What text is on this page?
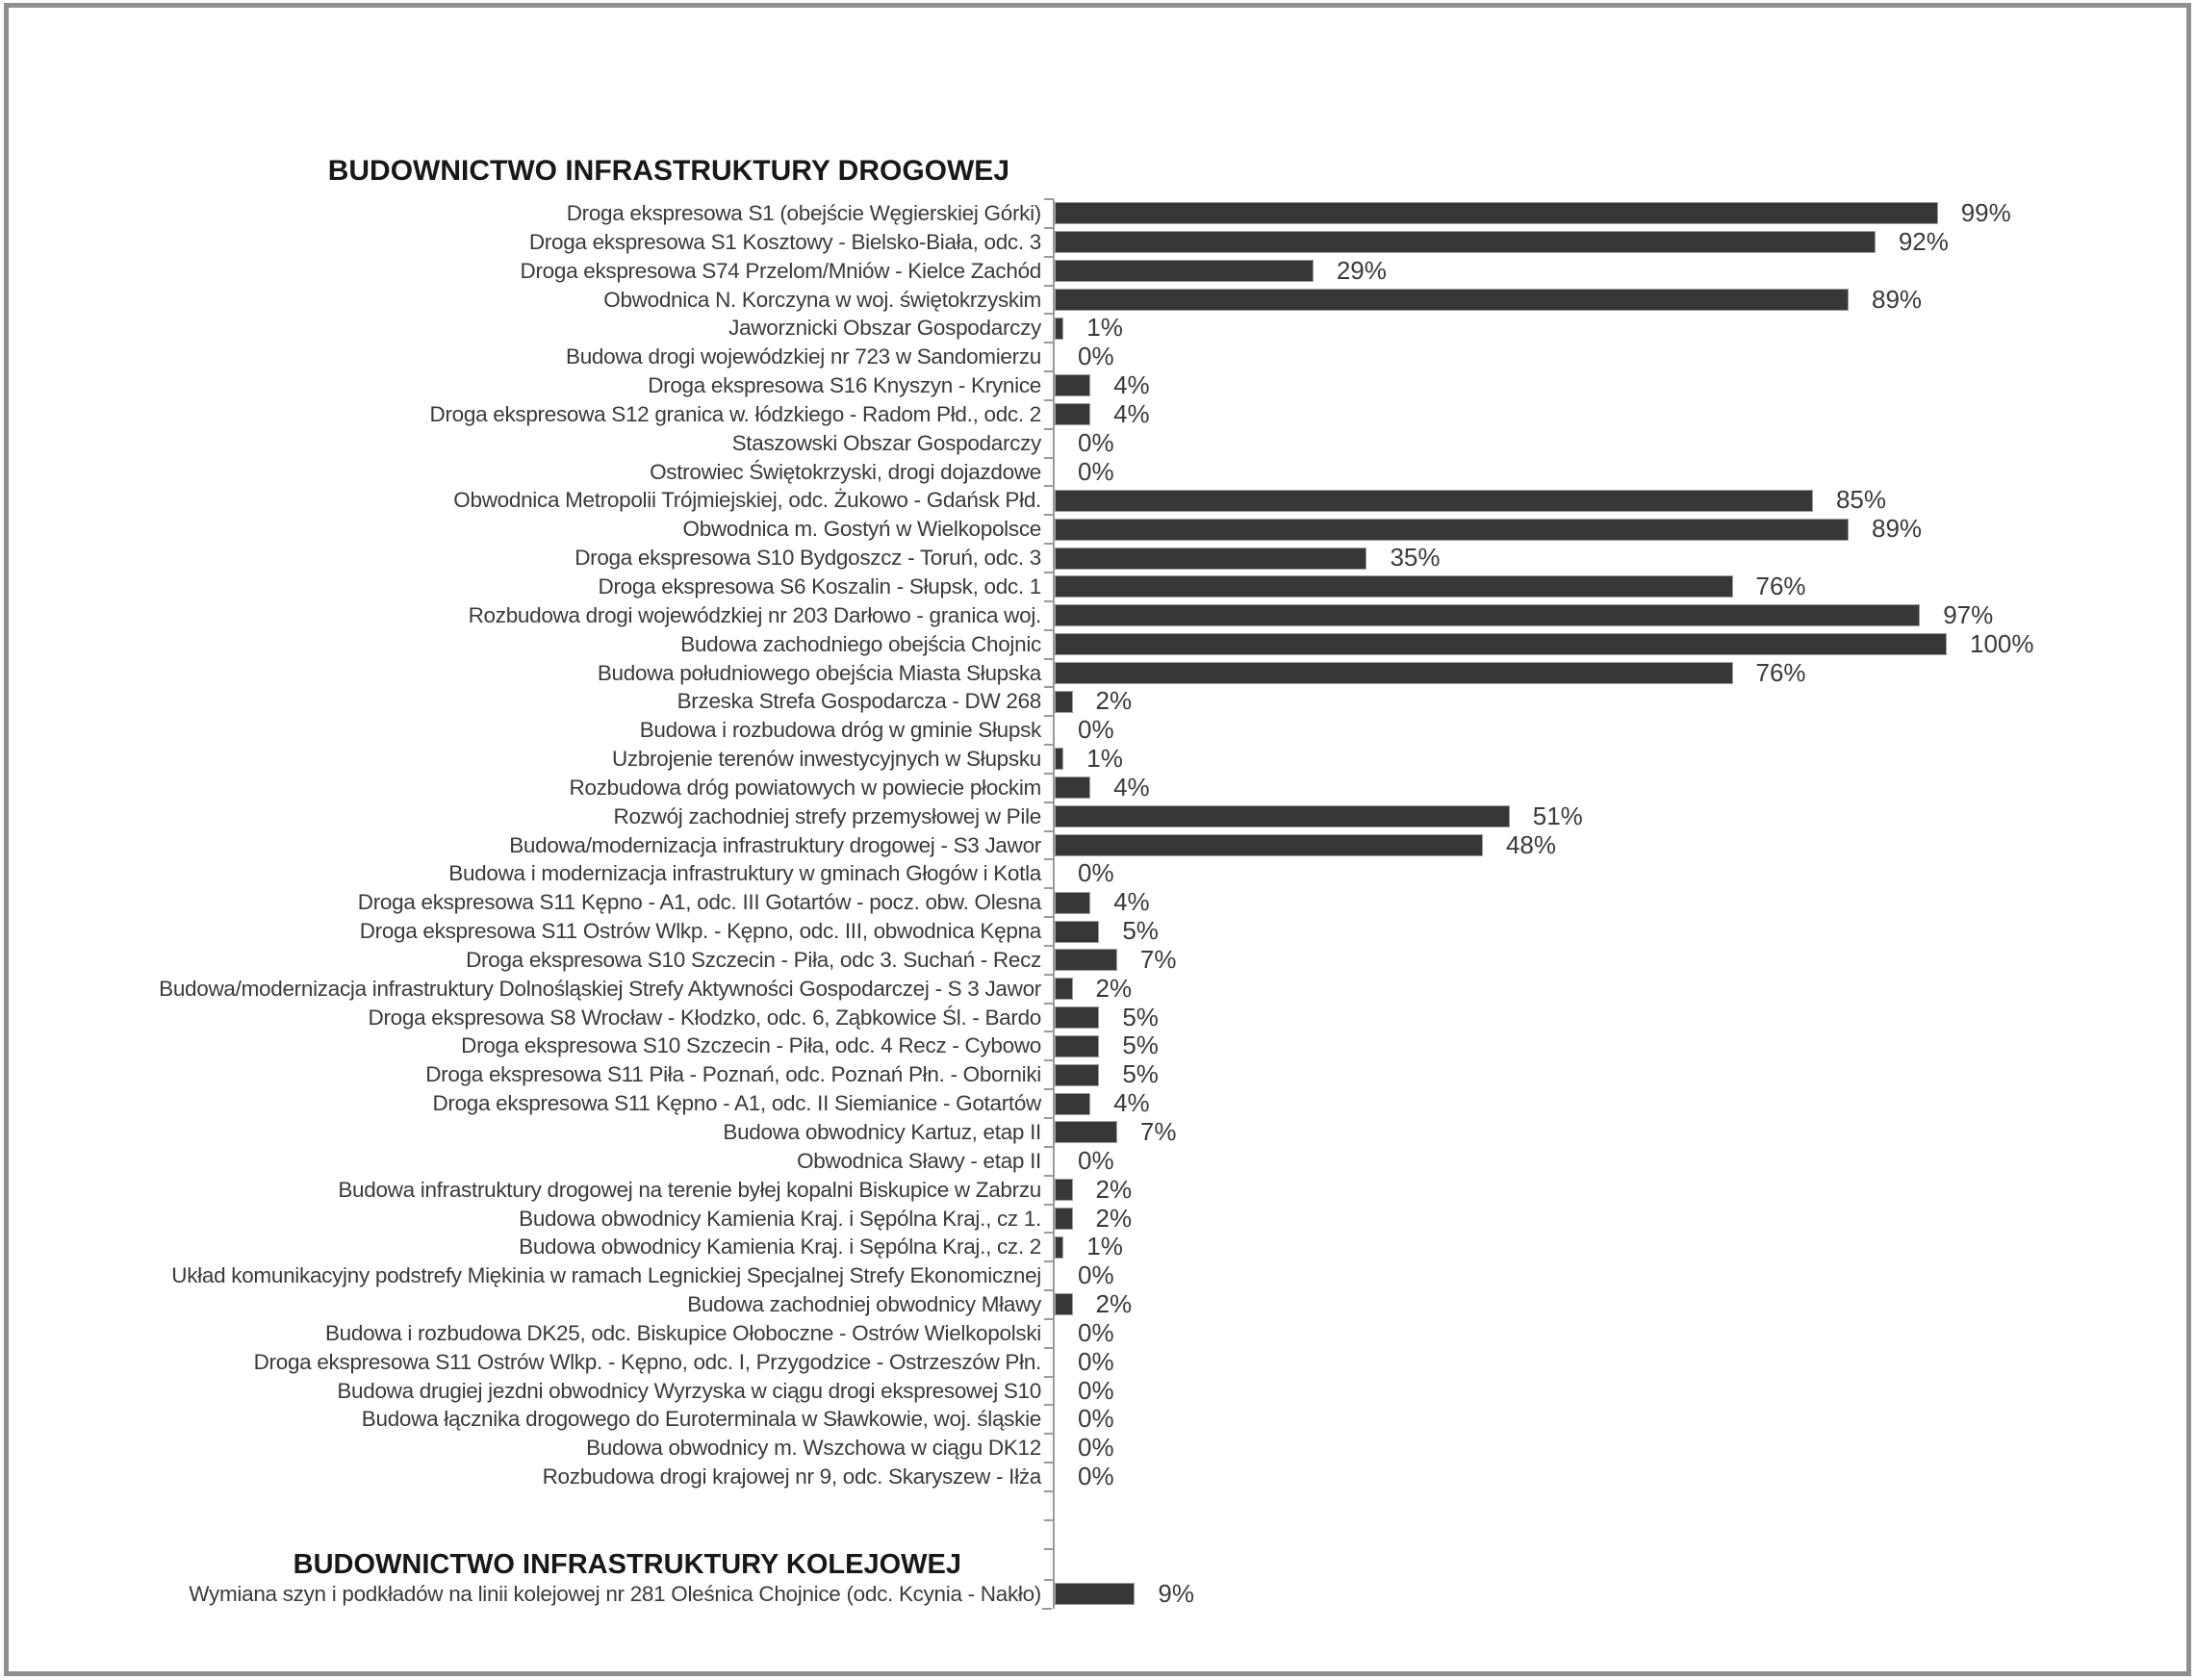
BUDOWNICTWO INFRASTRUKTURY DROGOWEJ
Droga ekspresowa S1 (obejście Węgierskiej Górki)	99%
Droga ekspresowa S1 Kosztowy - Bielsko-Biała, odc. 3	92%
Droga ekspresowa S74 Przelom/Mniów - Kielce Zachód	29%
Obwodnica N. Korczyna w woj. świętokrzyskim	89%
Jaworznicki Obszar Gospodarczy	1%
Budowa drogi wojewódzkiej nr 723 w Sandomierzu	0%
Droga ekspresowa S16 Knyszyn - Krynice	4%
Droga ekspresowa S12 granica w. łódzkiego - Radom Płd., odc. 2	4%
Staszowski Obszar Gospodarczy	0%
Ostrowiec Świętokrzyski, drogi dojazdowe	0%
Obwodnica Metropolii Trójmiejskiej, odc. Żukowo - Gdańsk Płd.	85%
Obwodnica m. Gostyń w Wielkopolsce	89%
Droga ekspresowa S10 Bydgoszcz - Toruń, odc. 3	35%
Droga ekspresowa S6 Koszalin - Słupsk, odc. 1	76%
Rozbudowa drogi wojewódzkiej nr 203 Darłowo - granica woj.	97%
Budowa zachodniego obejścia Chojnic	100%
Budowa południowego obejścia Miasta Słupska	76%
Brzeska Strefa Gospodarcza - DW 268	2%
Budowa i rozbudowa dróg w gminie Słupsk	0%
Uzbrojenie terenów inwestycyjnych w Słupsku	1%
Rozbudowa dróg powiatowych w powiecie płockim	4%
Rozwój zachodniej strefy przemysłowej w Pile	51%
Budowa/modernizacja infrastruktury drogowej - S3 Jawor	48%
Budowa i modernizacja infrastruktury w gminach Głogów i Kotla	0%
Droga ekspresowa S11 Kępno - A1, odc. III Gotartów - pocz. obw. Olesna	4%
Droga ekspresowa S11 Ostrów Wlkp. - Kępno, odc. III, obwodnica Kępna	5%
Droga ekspresowa S10 Szczecin - Piła, odc 3. Suchań - Recz	7%
Budowa/modernizacja infrastruktury Dolnośląskiej Strefy Aktywności Gospodarczej - S 3 Jawor	2%
Droga ekspresowa S8 Wrocław - Kłodzko, odc. 6, Ząbkowice Śl. - Bardo	5%
Droga ekspresowa S10 Szczecin - Piła, odc. 4 Recz - Cybowo	5%
Droga ekspresowa S11 Piła - Poznań, odc. Poznań Płn. - Oborniki	5%
Droga ekspresowa S11 Kępno - A1, odc. II Siemianice - Gotartów	4%
Budowa obwodnicy Kartuz, etap II	7%
Obwodnica Sławy - etap II	0%
Budowa infrastruktury drogowej na terenie byłej kopalni Biskupice w Zabrzu	2%
Budowa obwodnicy Kamienia Kraj. i Sępólna Kraj., cz 1.	2%
Budowa obwodnicy Kamienia Kraj. i Sępólna Kraj., cz. 2	1%
Układ komunikacyjny podstrefy Miękinia w ramach Legnickiej Specjalnej Strefy Ekonomicznej	0%
Budowa zachodniej obwodnicy Mławy	2%
Budowa i rozbudowa DK25, odc. Biskupice Ołoboczne - Ostrów Wielkopolski	0%
Droga ekspresowa S11 Ostrów Wlkp. - Kępno, odc. I, Przygodzice - Ostrzeszów Płn.	0%
Budowa drugiej jezdni obwodnicy Wyrzyska w ciągu drogi ekspresowej S10	0%
Budowa łącznika drogowego do Euroterminala w Sławkowie, woj. śląskie	0%
Budowa obwodnicy m. Wszchowa w ciągu DK12	0%
Rozbudowa drogi krajowej nr 9, odc. Skaryszew - Iłża	0%
BUDOWNICTWO INFRASTRUKTURY KOLEJOWEJ
Wymiana szyn i podkładów na linii kolejowej nr 281 Oleśnica Chojnice (odc. Kcynia - Nakło)	9%
